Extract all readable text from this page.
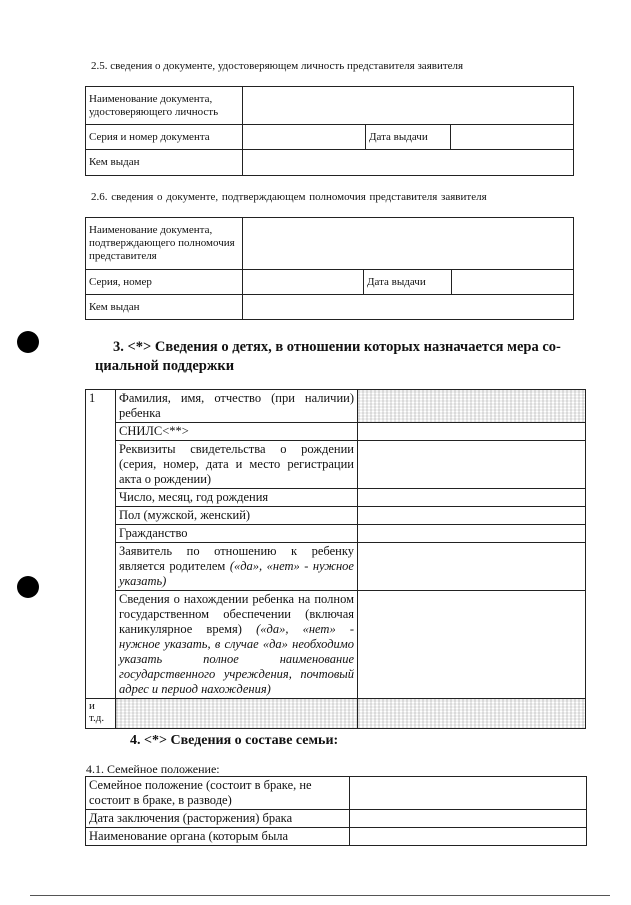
2.5. сведения о документе, удостоверяющем личность представителя заявителя
Наименование документа, удостоверяющего личность			
Серия и номер документа		Дата выдачи	
Кем выдан			
2.6. сведения о документе, подтверждающем полномочия представителя заявителя
Наименование документа, подтверждающего полномочия представителя			
Серия, номер		Дата выдачи	
Кем выдан			
3. <*> Сведения о детях, в отношении которых назначается мера со-
циальной поддержки
1	Фамилия, имя, отчество (при наличии) ребенка	
	СНИЛС<**>	
	Реквизиты свидетельства о рождении (серия, номер, дата и место регистрации акта о рождении)	
	Число, месяц, год рождения	
	Пол (мужской, женский)	
	Гражданство	
	Заявитель по отношению к ребенку является родителем («да», «нет» - нужное указать)	
	Сведения о нахождении ребенка на полном государственном обеспечении (включая каникулярное время) («да», «нет» - нужное указать, в случае «да» необходимо указать полное наименование государственного учреждения, почтовый адрес и период нахождения)	
и т.д.		
4. <*> Сведения о составе семьи:
4.1. Семейное положение:
Семейное положение (состоит в браке, не состоит в браке, в разводе)	
Дата заключения (расторжения) брака	
Наименование органа (которым была	
